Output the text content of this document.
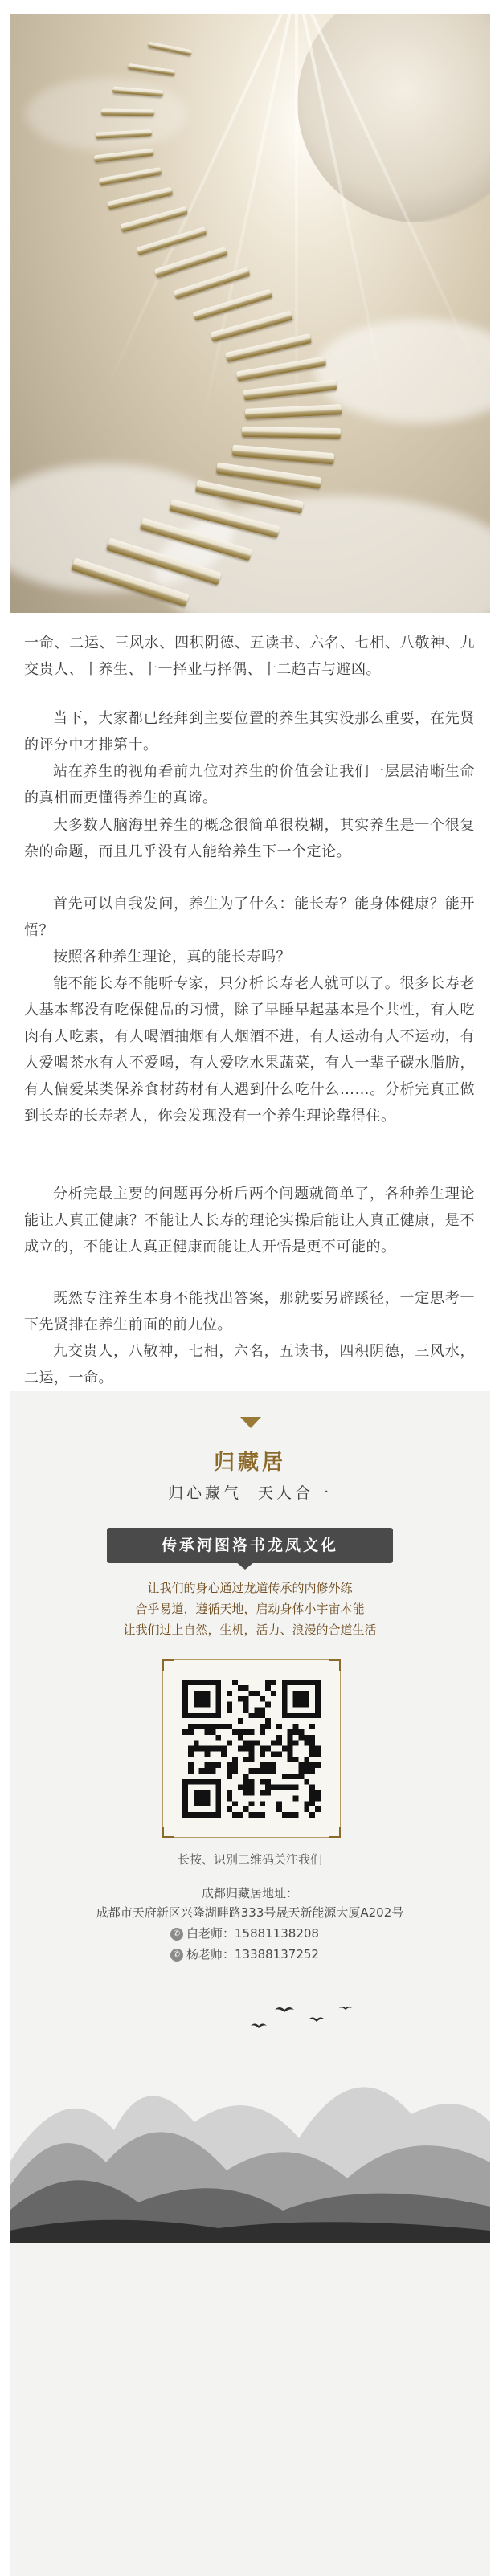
一命、二运、三风水、四积阴德、五读书、六名、七相、八敬神、九交贵人、十养生、十一择业与择偶、十二趋吉与避凶。
当下，大家都已经拜到主要位置的养生其实没那么重要，在先贤的评分中才排第十。
站在养生的视角看前九位对养生的价值会让我们一层层清晰生命的真相而更懂得养生的真谛。
大多数人脑海里养生的概念很简单很模糊，其实养生是一个很复杂的命题，而且几乎没有人能给养生下一个定论。
首先可以自我发问，养生为了什么：能长寿？能身体健康？能开悟？
按照各种养生理论，真的能长寿吗？
能不能长寿不能听专家，只分析长寿老人就可以了。很多长寿老人基本都没有吃保健品的习惯，除了早睡早起基本是个共性，有人吃肉有人吃素，有人喝酒抽烟有人烟酒不进，有人运动有人不运动，有人爱喝茶水有人不爱喝，有人爱吃水果蔬菜，有人一辈子碳水脂肪，有人偏爱某类保养食材药材有人遇到什么吃什么……。分析完真正做到长寿的长寿老人，你会发现没有一个养生理论靠得住。
分析完最主要的问题再分析后两个问题就简单了，各种养生理论能让人真正健康？不能让人长寿的理论实操后能让人真正健康，是不成立的，不能让人真正健康而能让人开悟是更不可能的。
既然专注养生本身不能找出答案，那就要另辟蹊径，一定思考一下先贤排在养生前面的前九位。
九交贵人，八敬神，七相，六名，五读书，四积阴德，三风水，二运，一命。
归藏居
归心藏气  天人合一
传承河图洛书龙凤文化
让我们的身心通过龙道传承的内修外练
合乎易道，遵循天地，启动身体小宇宙本能
让我们过上自然，生机，活力、浪漫的合道生活
长按、识别二维码关注我们
成都归藏居地址：
成都市天府新区兴隆湖畔路333号晟天新能源大厦A202号
✆ 白老师：15881138208
✆ 杨老师：13388137252
